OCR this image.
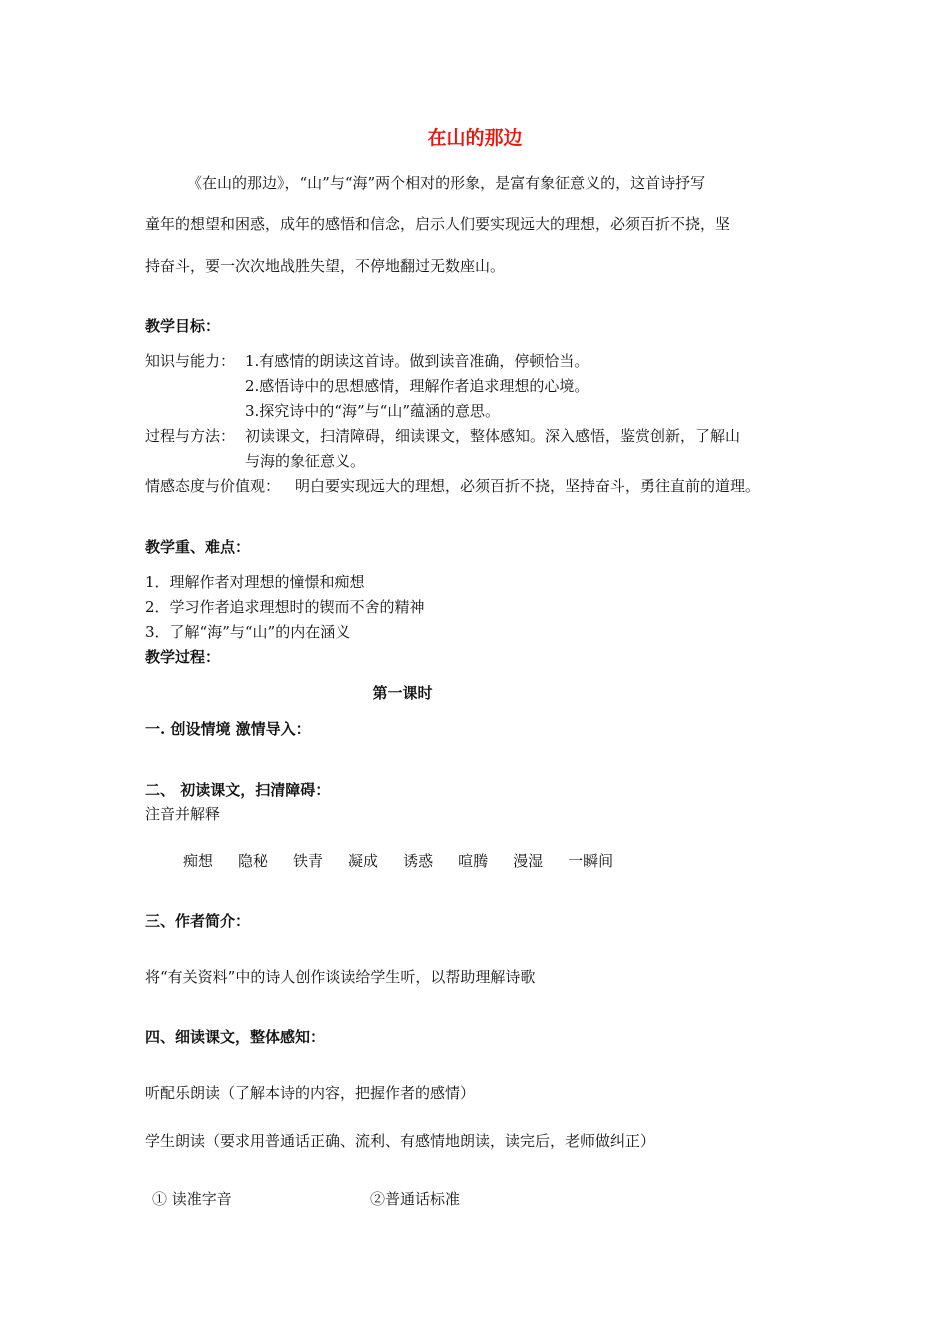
在山的那边
《在山的那边》，“山”与“海”两个相对的形象，是富有象征意义的，这首诗抒写
童年的想望和困惑，成年的感悟和信念，启示人们要实现远大的理想，必须百折不挠，坚
持奋斗，要一次次地战胜失望，不停地翻过无数座山。
教学目标：
知识与能力： 1.有感情的朗读这首诗。做到读音准确，停顿恰当。
2.感悟诗中的思想感情，理解作者追求理想的心境。
3.探究诗中的“海”与“山”蕴涵的意思。
过程与方法： 初读课文，扫清障碍，细读课文，整体感知。深入感悟，鉴赏创新，了解山
与海的象征意义。
情感态度与价值观： 明白要实现远大的理想，必须百折不挠，坚持奋斗，勇往直前的道理。
教学重、难点：
1．理解作者对理想的憧憬和痴想
2．学习作者追求理想时的锲而不舍的精神
3．了解“海”与“山”的内在涵义
教学过程：
第一课时
一. 创设情境 激情导入：
二、 初读课文，扫清障碍：
注音并解释
痴想 隐秘 铁青 凝成 诱惑 喧腾 漫湿 一瞬间
三、作者简介：
将“有关资料”中的诗人创作谈读给学生听，以帮助理解诗歌
四、细读课文，整体感知：
听配乐朗读（了解本诗的内容，把握作者的感情）
学生朗读（要求用普通话正确、流利、有感情地朗读，读完后，老师做纠正）
① 读准字音	②普通话标准
